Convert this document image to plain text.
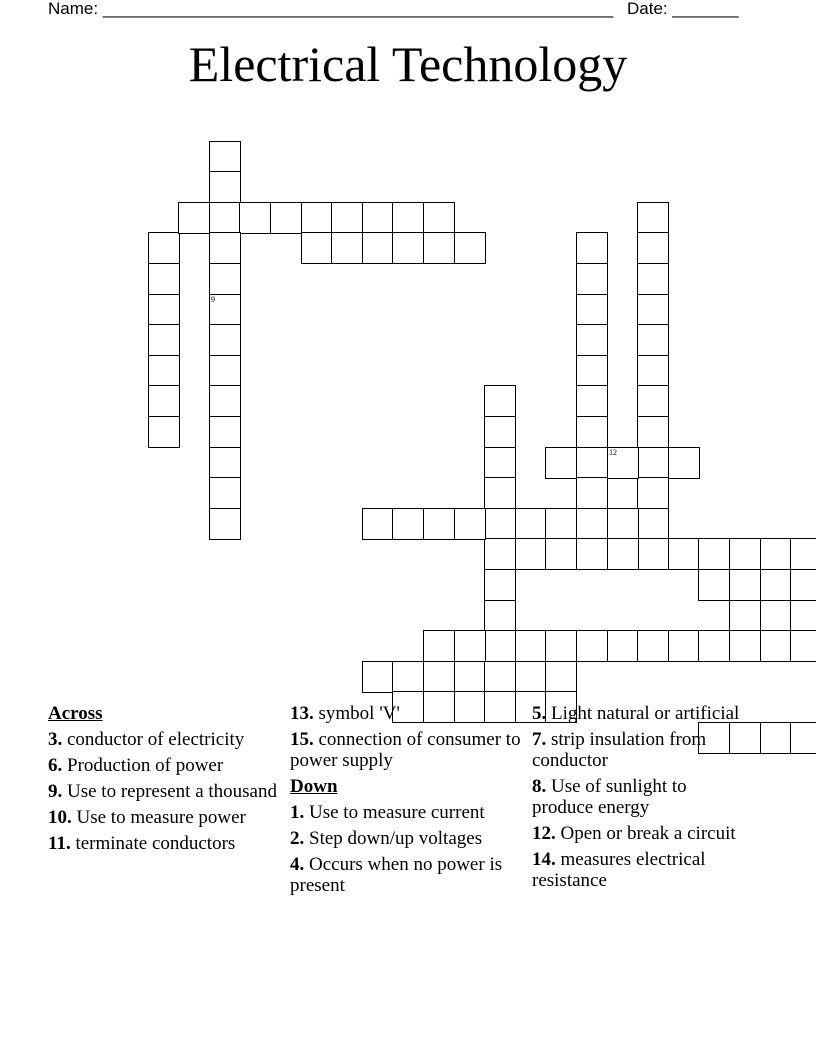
Name: ______________________________________________________ Date: _______
Electrical Technology
9
12
Across
3. conductor of electricity
6. Production of power
9. Use to represent a thousand
10. Use to measure power
11. terminate conductors
13. symbol 'V'
15. connection of consumer to power supply
Down
1. Use to measure current
2. Step down/up voltages
4. Occurs when no power is present
5. Light natural or artificial
7. strip insulation from conductor
8. Use of sunlight to produce energy
12. Open or break a circuit
14. measures electrical resistance
